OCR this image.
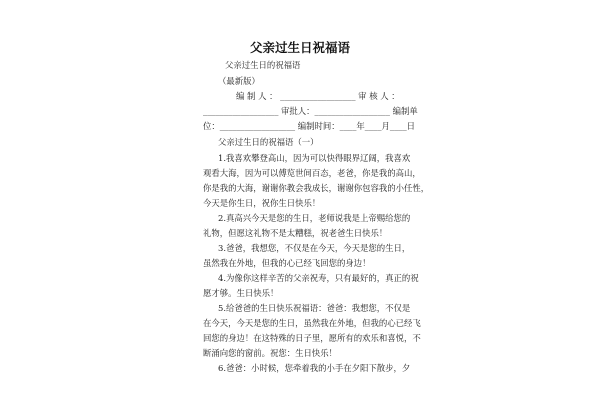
父亲过生日祝福语
父亲过生日的祝福语
（最新版）
编 制 人 ： __________________ 审 核 人 ：
__________________ 审批人：__________________ 编制单
位：__________________ 编制时间：____年____月____日
父亲过生日的祝福语（一）
1.我喜欢攀登高山，因为可以快得眼界辽阔，我喜欢
观看大海，因为可以傅览世间百态，老爸，你是我的高山，
你是我的大海，谢谢你教会我成长，谢谢你包容我的小任性，
今天是你生日，祝你生日快乐！
2.真高兴今天是您的生日，老师说我是上帝赐给您的
礼物，但愿这礼物不是太糟糕，祝老爸生日快乐！
3.爸爸，我想您，不仅是在今天，今天是您的生日，
虽然我在外地，但我的心已经飞回您的身边！
4.为像你这样辛苦的父亲祝寿，只有最好的，真正的祝
愿才够。生日快乐！
5.给爸爸的生日快乐祝福语：爸爸：我想您，不仅是
在今天，今天是您的生日，虽然我在外地，但我的心已经飞
回您的身边！在这特殊的日子里，愿所有的欢乐和喜悦，不
断涌向您的窗前。祝您：生日快乐！
6.爸爸：小时候，您牵着我的小手在夕阳下散步，夕
